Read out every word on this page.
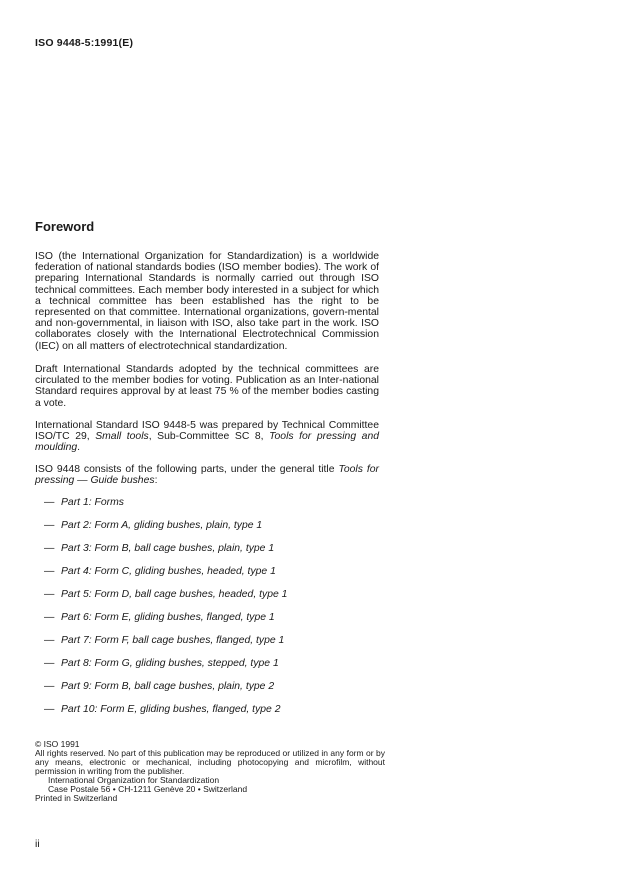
ISO 9448-5:1991(E)
Foreword

ISO (the International Organization for Standardization) is a worldwide federation of national standards bodies (ISO member bodies). The work of preparing International Standards is normally carried out through ISO technical committees. Each member body interested in a subject for which a technical committee has been established has the right to be represented on that committee. International organizations, govern-mental and non-governmental, in liaison with ISO, also take part in the work. ISO collaborates closely with the International Electrotechnical Commission (IEC) on all matters of electrotechnical standardization.

Draft International Standards adopted by the technical committees are circulated to the member bodies for voting. Publication as an Inter-national Standard requires approval by at least 75 % of the member bodies casting a vote.

International Standard ISO 9448-5 was prepared by Technical Committee ISO/TC 29, Small tools, Sub-Committee SC 8, Tools for pressing and moulding.

ISO 9448 consists of the following parts, under the general title Tools for pressing — Guide bushes:

— Part 1: Forms
— Part 2: Form A, gliding bushes, plain, type 1
— Part 3: Form B, ball cage bushes, plain, type 1
— Part 4: Form C, gliding bushes, headed, type 1
— Part 5: Form D, ball cage bushes, headed, type 1
— Part 6: Form E, gliding bushes, flanged, type 1
— Part 7: Form F, ball cage bushes, flanged, type 1
— Part 8: Form G, gliding bushes, stepped, type 1
— Part 9: Form B, ball cage bushes, plain, type 2
— Part 10: Form E, gliding bushes, flanged, type 2
© ISO 1991
All rights reserved. No part of this publication may be reproduced or utilized in any form or by any means, electronic or mechanical, including photocopying and microfilm, without permission in writing from the publisher.
International Organization for Standardization
Case Postale 56 • CH-1211 Genève 20 • Switzerland
Printed in Switzerland
ii
